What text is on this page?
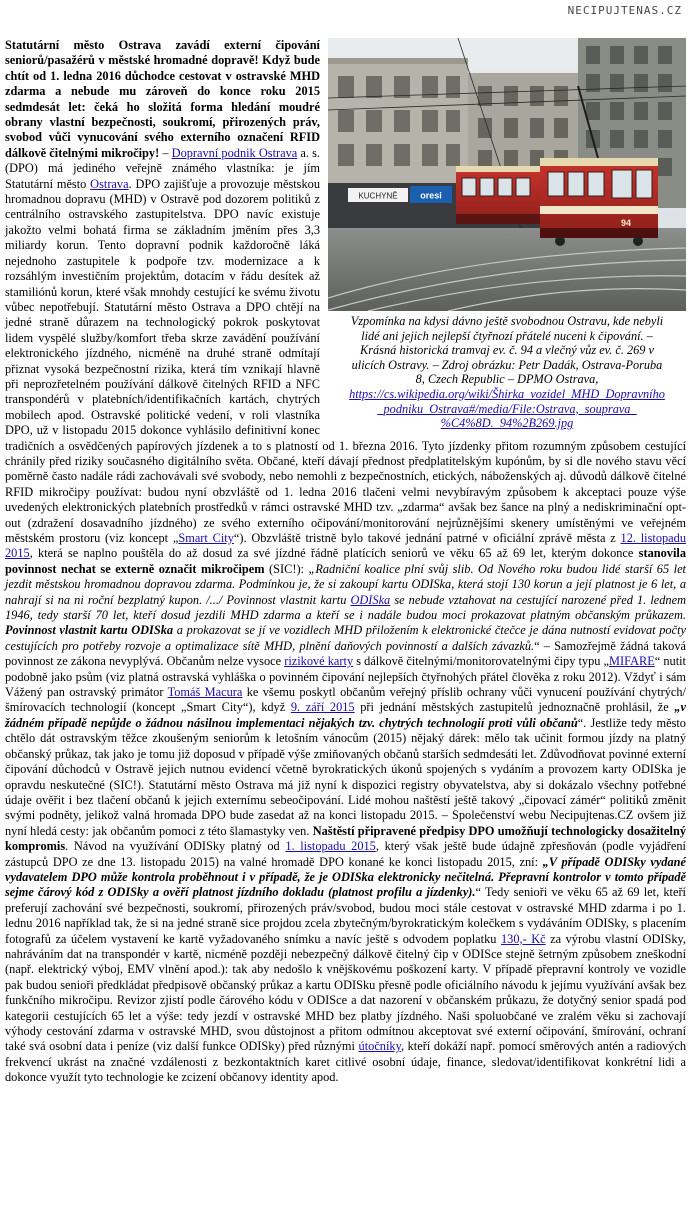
NECIPUJTENAS.CZ
KUCHYNĚ	oresi
94
Vzpomínka na kdysi dávno ještě svobodnou Ostravu, kde nebyli
lidé ani jejich nejlepší čtyřnozí přátelé nuceni k čipování. –
Krásná historická tramvaj ev. č. 94 a vlečný vůz ev. č. 269 v
ulicích Ostravy. – Zdroj obrázku: Petr Dadák, Ostrava-Poruba
8, Czech Republic – DPMO Ostrava,
https://cs.wikipedia.org/wiki/Šhirka_vozidel_MHD_Dopravního
_podniku_Ostrava#/media/File:Ostrava,_souprava_
%C4%8D._94%2B269.jpg

Statutární město Ostrava zavádí externí čipování seniorů/pasažérů v městské hromadné dopravě! Když bude chtít od 1. ledna 2016 důchodce cestovat v ostravské MHD zdarma a nebude mu zároveň do konce roku 2015 sedmdesát let: čeká ho složitá forma hledání moudré obrany vlastní bezpečnosti, soukromí, přirozených práv, svobod vůči vynucování svého externího označení RFID dálkově čitelnými mikročipy! – Dopravní podnik Ostrava a. s. (DPO) má jediného veřejně známého vlastníka: je jím Statutární město Ostrava. DPO zajišťuje a provozuje městskou hromadnou dopravu (MHD) v Ostravě pod dozorem politiků z centrálního ostravského zastupitelstva. DPO navíc existuje jakožto velmi bohatá firma se základním jměním přes 3,3 miliardy korun. Tento dopravní podnik každoročně láká nejednoho zastupitele k podpoře tzv. modernizace a k rozsáhlým investičním projektům, dotacím v řádu desítek až stamiliónů korun, které však mnohdy cestující ke svému životu vůbec nepotřebují. Statutární město Ostrava a DPO chtějí na jedné straně důrazem na technologický pokrok poskytovat lidem vyspělé služby/komfort třeba skrze zavádění používání elektronického jízdného, nicméně na druhé straně odmítají přiznat vysoká bezpečnostní rizika, která tím vznikají hlavně při neprozřetelném používání dálkově čitelných RFID a NFC transpondérů v platebních/identifikačních kartách, chytrých mobilech apod. Ostravské politické vedení, v roli vlastníka DPO, už v listopadu 2015 dokonce vyhlásilo definitivní konec tradičních a osvědčených papírových jízdenek a to s platností od 1. března 2016. Tyto jízdenky přitom rozumným způsobem cestující chránily před riziky současného digitálního světa. Občané, kteří dávají přednost předplatitelským kupónům, by si dle nového stavu věcí poměrně často nadále rádi zachovávali své svobody, nebo nemohli z bezpečnostních, etických, náboženských aj. důvodů dálkově čitelné RFID mikročipy používat: budou nyní obzvláště od 1. ledna 2016 tlačeni velmi nevybíravým způsobem k akceptaci pouze výše uvedených elektronických platebních prostředků v rámci ostravské MHD tzv. „zdarma“ avšak bez šance na plný a nediskriminační opt-out (zdražení dosavadního jízdného) ze svého externího očipování/monitorování nejrůznějšími skenery umístěnými ve veřejném městském prostoru (viz koncept „Smart City“). Obzvláště tristně bylo takové jednání patrné v oficiální zprávě města z 12. listopadu 2015, která se naplno pouštěla do až dosud za své jízdné řádně platících seniorů ve věku 65 až 69 let, kterým dokonce stanovila povinnost nechat se externě označit mikročipem (SIC!): „Radniční koalice plní svůj slib. Od Nového roku budou lidé starší 65 let jezdit městskou hromadnou dopravou zdarma. Podmínkou je, že si zakoupí kartu ODISka, která stojí 130 korun a její platnost je 6 let, a nahrají si na ni roční bezplatný kupon. /.../ Povinnost vlastnit kartu ODISka se nebude vztahovat na cestující narozené před 1. lednem 1946, tedy starší 70 let, kteří dosud jezdili MHD zdarma a kteří se i nadále budou moci prokazovat platným občanským průkazem. Povinnost vlastnit kartu ODISka a prokazovat se jí ve vozidlech MHD přiložením k elektronické čtečce je dána nutností evidovat počty cestujících pro potřeby rozvoje a optimalizace sítě MHD, plnění daňových povinností a dalších závazků.“ – Samozřejmě žádná taková povinnost ze zákona nevyplývá. Občanům nelze vysoce rizikové karty s dálkově čitelnými/monitorovatelnými čipy typu „MIFARE“ nutit podobně jako psům (viz platná ostravská vyhláška o povinném čipování nejlepších čtyřnohých přátel člověka z roku 2012). Vždyť i sám Vážený pan ostravský primátor Tomáš Macura ke všemu poskytl občanům veřejný příslib ochrany vůči vynucení používání chytrých/šmírovacích technologií (koncept „Smart City“), když 9. září 2015 při jednání městských zastupitelů jednoznačně prohlásil, že „v žádném případě nepůjde o žádnou násilnou implementaci nějakých tzv. chytrých technologií proti vůli občanů“. Jestliže tedy město chtělo dát ostravským těžce zkoušeným seniorům k letošním vánocům (2015) nějaký dárek: mělo tak učinit formou jízdy na platný občanský průkaz, tak jako je tomu již doposud v případě výše zmiňovaných občanů starších sedmdesáti let. Zdůvodňovat povinné externí čipování důchodců v Ostravě jejich nutnou evidencí včetně byrokratických úkonů spojených s vydáním a provozem karty ODISka je opravdu neskutečné (SIC!). Statutární město Ostrava má již nyní k dispozici registry obyvatelstva, aby si dokázalo všechny potřebné údaje ověřit i bez tlačení občanů k jejich externímu sebeočipování. Lidé mohou naštěstí ještě takový „čipovací zámér“ politiků změnit svými podněty, jelikož valná hromada DPO bude zasedat až na konci listopadu 2015. – Společenství webu Necipujtenas.CZ ovšem již nyní hledá cesty: jak občanům pomoci z této šlamastyky ven. Naštěstí připravené předpisy DPO umožňují technologicky dosažitelný kompromis. Návod na využívání ODISky platný od 1. listopadu 2015, který však ještě bude údajně zpřesňován (podle vyjádření zástupců DPO ze dne 13. listopadu 2015) na valné hromadě DPO konané ke konci listopadu 2015, zní: „V případě ODISky vydané vydavatelem DPO může kontrola proběhnout i v případě, že je ODISka elektronicky nečitelná. Přepravní kontrolor v tomto případě sejme čárový kód z ODISky a ověří platnost jízdního dokladu (platnost profilu a jízdenky).“ Tedy senioři ve věku 65 až 69 let, kteří preferují zachování své bezpečnosti, soukromí, přirozených práv/svobod, budou moci stále cestovat v ostravské MHD zdarma i po 1. lednu 2016 například tak, že si na jedné straně sice projdou zcela zbytečným/byrokratickým kolečkem s vydáváním ODISky, s placením fotografů za účelem vystavení ke kartě vyžadovaného snímku a navíc ještě s odvodem poplatku 130,- Kč za výrobu vlastní ODISky, nahráváním dat na transpondér v kartě, nicméně později nebezpečný dálkově čitelný čip v ODISce stejně šetrným způsobem zneškodní (např. elektrický výboj, EMV vlnění apod.): tak aby nedošlo k vnějškovému poškození karty. V případě přepravní kontroly ve vozidle pak budou senioři předkládat předpisově občanský průkaz a kartu ODISku přesně podle oficiálního návodu k jejímu využívání avšak bez funkčního mikročipu. Revizor zjistí podle čárového kódu v ODISce a dat nazorení v občanském průkazu, že dotyčný senior spadá pod kategorii cestujících 65 let a výše: tedy jezdí v ostravské MHD bez platby jízdného. Naši spoluobčané ve zralém věku si zachovají výhody cestování zdarma v ostravské MHD, svou důstojnost a přitom odmítnou akceptovat své externí očipování, šmírování, ochraní také svá osobní data i peníze (viz další funkce ODISky) před různými útočníky, kteří dokáží např. pomocí směrových antén a radiových frekvencí ukrást na značné vzdálenosti z bezkontaktních karet citlivé osobní údaje, finance, sledovat/identifikovat konkrétní lidi a dokonce využít tyto technologie ke zcizení občanovy identity apod.
